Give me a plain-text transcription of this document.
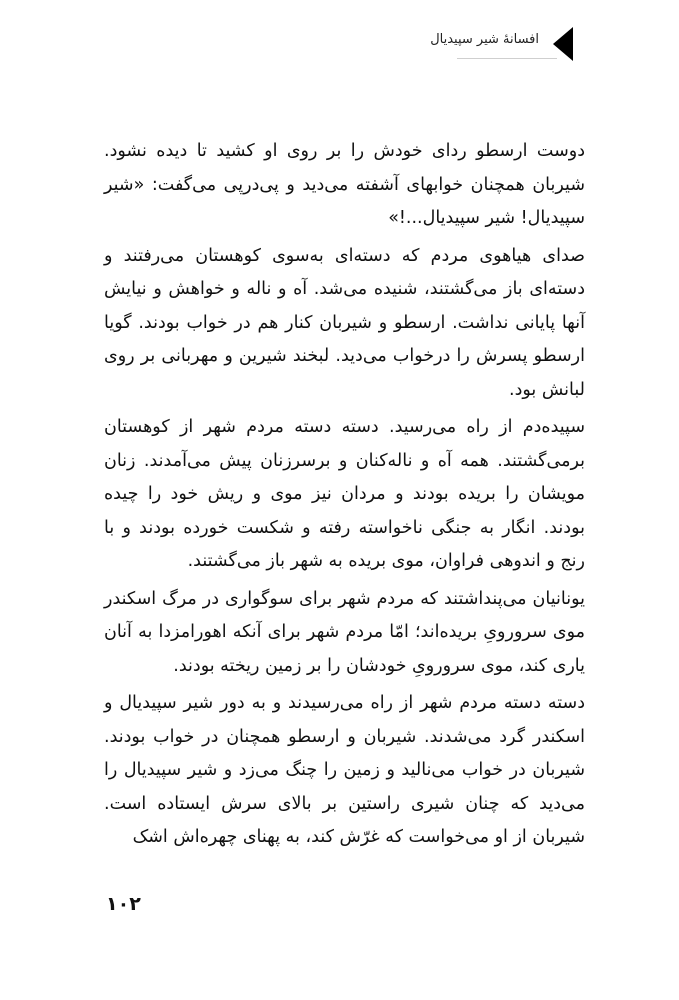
افسانهٔ شیر سپیدیال

دوست ارسطو ردای خودش را بر روی او کشید تا دیده نشود. شیربان همچنان خوابهای آشفته می‌دید و پی‌درپی می‌گفت: «شیر سپیدیال! شیر سپیدیال...!»

صدای هیاهوی مردم که دسته‌ای به‌سوی کوهستان می‌رفتند و دسته‌ای باز می‌گشتند، شنیده می‌شد. آه و ناله و خواهش و نیایش آنها پایانی نداشت. ارسطو و شیربان کنار هم در خواب بودند. گویا ارسطو پسرش را درخواب می‌دید. لبخند شیرین و مهربانی بر روی لبانش بود.

سپیده‌دم از راه می‌رسید. دسته دسته مردم شهر از کوهستان برمی‌گشتند. همه آه و ناله‌کنان و برسرزنان پیش می‌آمدند. زنان مویشان را بریده بودند و مردان نیز موی و ریش خود را چیده بودند. انگار به جنگی ناخواسته رفته و شکست خورده بودند و با رنج و اندوهی فراوان، موی بریده به شهر باز می‌گشتند.

یونانیان می‌پنداشتند که مردم شهر برای سوگواری در مرگ اسکندر موی سرورویِ بریده‌اند؛ امّا مردم شهر برای آنکه اهورامزدا به آنان یاری کند، موی سرورویِ خودشان را بر زمین ریخته بودند.

دسته دسته مردم شهر از راه می‌رسیدند و به دور شیر سپیدیال و اسکندر گرد می‌شدند. شیربان و ارسطو همچنان در خواب بودند. شیربان در خواب می‌نالید و زمین را چنگ می‌زد و شیر سپیدیال را می‌دید که چنان شیری راستین بر بالای سرش ایستاده است. شیربان از او می‌خواست که غرّش کند، به پهنای چهره‌اش اشک

۱۰۲
